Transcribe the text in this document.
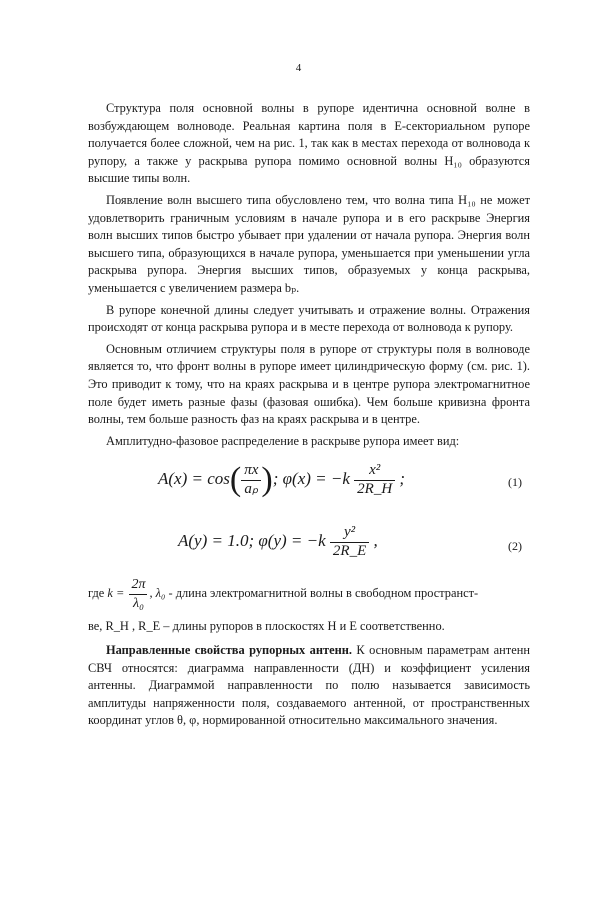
4

Структура поля основной волны в рупоре идентична основной волне в возбуждающем волноводе. Реальная картина поля в Е-секториальном рупоре получается более сложной, чем на рис. 1, так как в местах перехода от волновода к рупору, а также у раскрыва рупора помимо основной волны H₁₀ образуются высшие типы волн.

Появление волн высшего типа обусловлено тем, что волна типа H₁₀ не может удовлетворить граничным условиям в начале рупора и в его раскрыве Энергия волн высших типов быстро убывает при удалении от начала рупора. Энергия волн высшего типа, образующихся в начале рупора, уменьшается при уменьшении угла раскрыва рупора. Энергия высших типов, образуемых у конца раскрыва, уменьшается с увеличением размера bₚ.

В рупоре конечной длины следует учитывать и отражение волны. Отражения происходят от конца раскрыва рупора и в месте перехода от волновода к рупору.

Основным отличием структуры поля в рупоре от структуры поля в волноводе является то, что фронт волны в рупоре имеет цилиндрическую форму (см. рис. 1). Это приводит к тому, что на краях раскрыва и в центре рупора электромагнитное поле будет иметь разные фазы (фазовая ошибка). Чем больше кривизна фронта волны, тем больше разность фаз на краях раскрыва и в центре.

Амплитудно-фазовое распределение в раскрыве рупора имеет вид:

$A(x) = \cos( \frac{\pi x}{\text{aₚ}}$ ); $\varphi(x) = -k \frac{\text{x²}}{2R\_H}$ ;	(1)
A(y) = 1.0; $\varphi(y) = -k \frac{\text{y²}}{2R\_E}$ ,	(2)

где $k = \frac{2\pi}{\text{λ₀}}$ , λ₀ - длина электромагнитной волны в свободном пространст-

ве, R_H , R_E – длины рупоров в плоскостях Н и Е соответственно.

Направленные свойства рупорных антенн. К основным параметрам антенн СВЧ относятся: диаграмма направленности (ДН) и коэффициент усиления антенны. Диаграммой направленности по полю называется зависимость амплитуды напряженности поля, создаваемого антенной, от пространственных координат углов θ, φ, нормированной относительно максимального значения.
